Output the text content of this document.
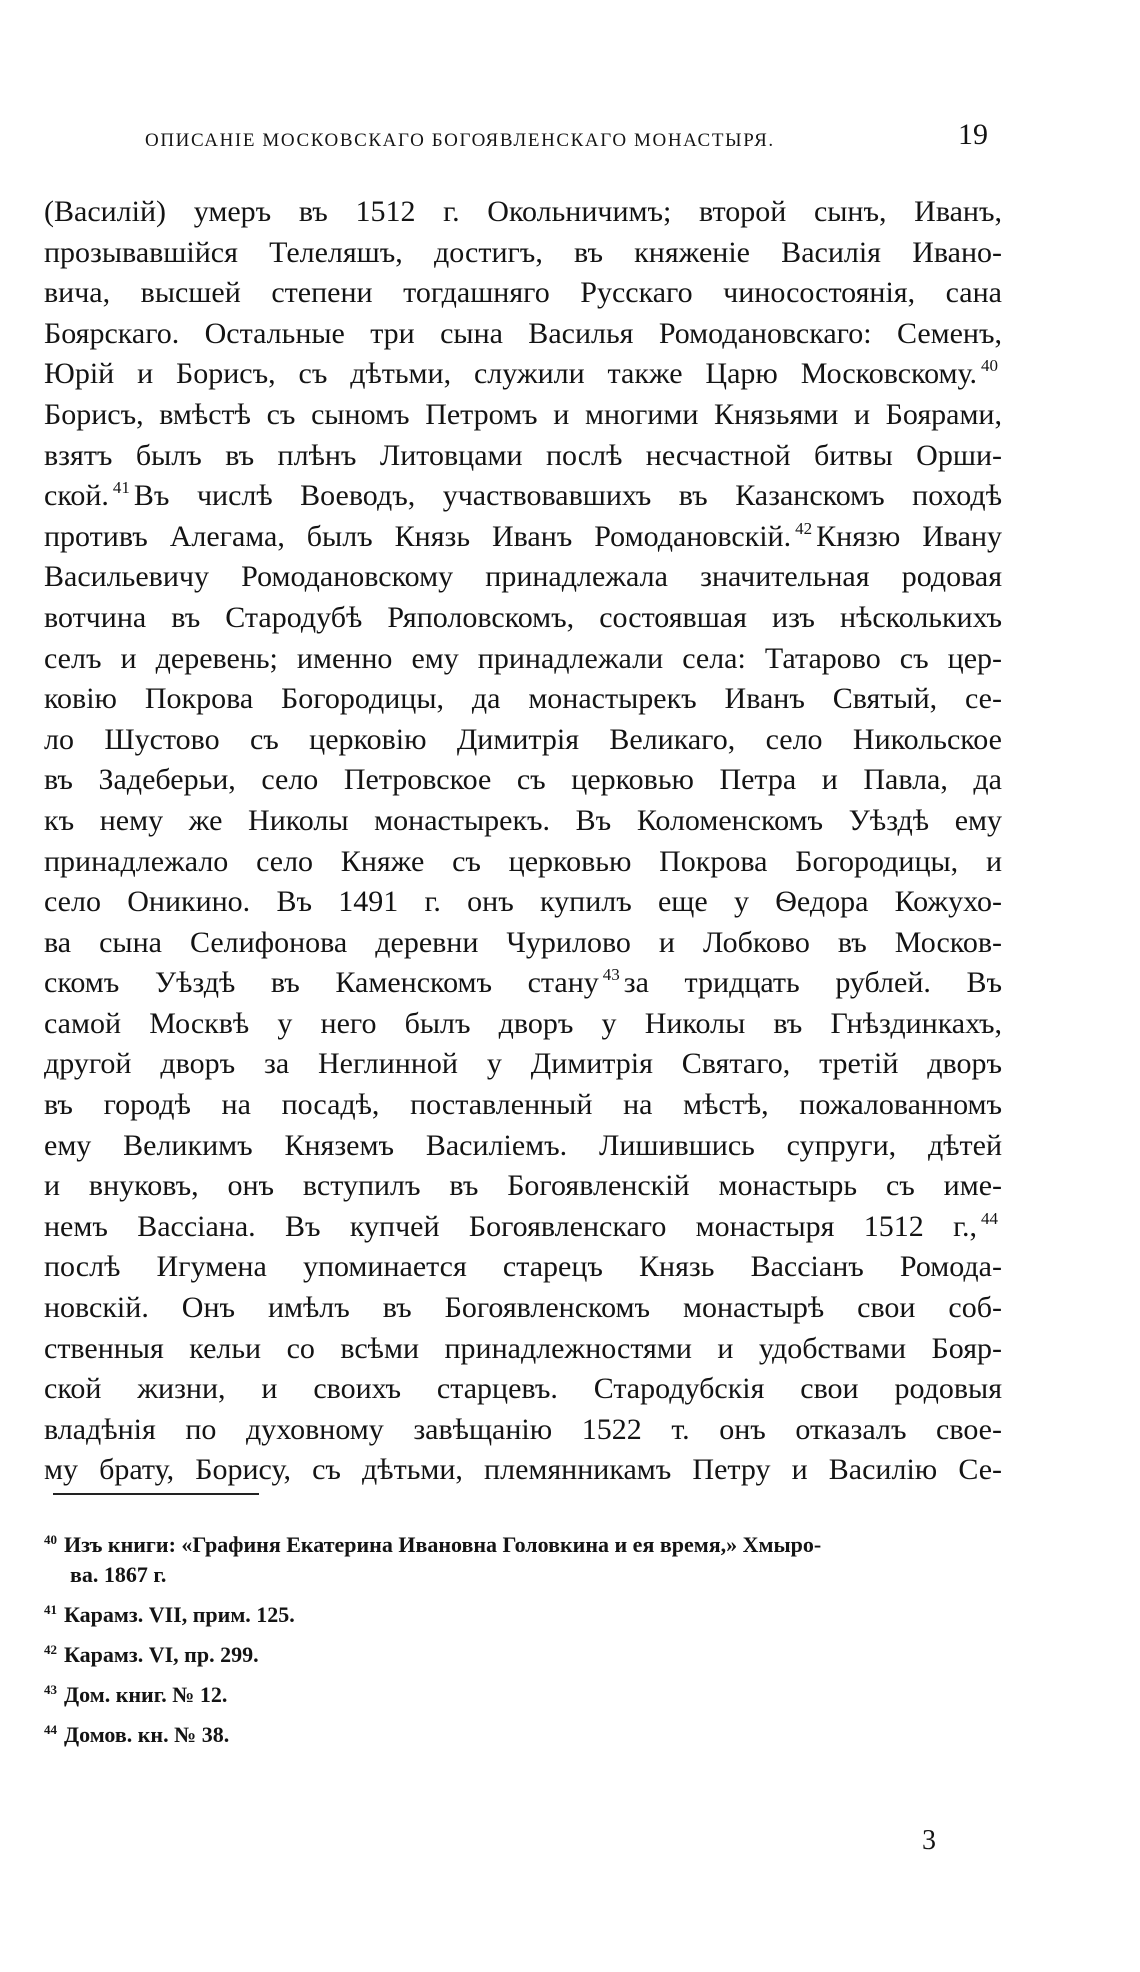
ОПИСАНІЕ МОСКОВСКАГО БОГОЯВЛЕНСКАГО МОНАСТЫРЯ.	19
(Василій) умеръ въ 1512 г. Окольничимъ; второй сынъ, Иванъ,
прозывавшійся Телеляшъ, достигъ, въ княженіе Василія Ивано-
вича, высшей степени тогдашняго Русскаго чиносостоянія, сана
Боярскаго. Остальные три сына Василья Ромодановскаго: Семенъ,
Юрій и Борисъ, съ дѣтьми, служили также Царю Московскому. $^{40}$
Борисъ, вмѣстѣ съ сыномъ Петромъ и многими Князьями и Боярами,
взятъ былъ въ плѣнъ Литовцами послѣ несчастной битвы Орши-
ской. $^{41}$ Въ числѣ Воеводъ, участвовавшихъ въ Казанскомъ походѣ
противъ Алегама, былъ Князь Иванъ Ромодановскій. $^{42}$ Князю Ивану
Васильевичу Ромодановскому принадлежала значительная родовая
вотчина въ Стародубѣ Ряполовскомъ, состоявшая изъ нѣсколькихъ
селъ и деревень; именно ему принадлежали села: Татарово съ цер-
ковію Покрова Богородицы, да монастырекъ Иванъ Святый, се-
ло Шустово съ церковію Димитрія Великаго, село Никольское
въ Задеберьи, село Петровское съ церковью Петра и Павла, да
къ нему же Николы монастырекъ. Въ Коломенскомъ Уѣздѣ ему
принадлежало село Княже съ церковью Покрова Богородицы, и
село Оникино. Въ 1491 г. онъ купилъ еще у Ѳедора Кожухо-
ва сына Селифонова деревни Чурилово и Лобково въ Москов-
скомъ Уѣздѣ въ Каменскомъ стану $^{43}$ за тридцать рублей. Въ
самой Москвѣ у него былъ дворъ у Николы въ Гнѣздинкахъ,
другой дворъ за Неглинной у Димитрія Святаго, третій дворъ
въ городѣ на посадѣ, поставленный на мѣстѣ, пожалованномъ
ему Великимъ Княземъ Василіемъ. Лишившись супруги, дѣтей
и внуковъ, онъ вступилъ въ Богоявленскій монастырь съ име-
немъ Вассіана. Въ купчей Богоявленскаго монастыря 1512 г., $^{44}$
послѣ Игумена упоминается старецъ Князь Вассіанъ Ромода-
новскій. Онъ имѣлъ въ Богоявленскомъ монастырѣ свои соб-
ственныя кельи со всѣми принадлежностями и удобствами Бояр-
ской жизни, и своихъ старцевъ. Стародубскія свои родовыя
владѣнія по духовному завѣщанію 1522 т. онъ отказалъ свое-
му брату, Борису, съ дѣтьми, племянникамъ Петру и Василію Се-
40 Изъ книги: «Графиня Екатерина Ивановна Головкина и ея время,» Хмыро-
ва. 1867 г.
41 Карамз. VII, прим. 125.
42 Карамз. VI, пр. 299.
43 Дом. книг. № 12.
44 Домов. кн. № 38.
3
